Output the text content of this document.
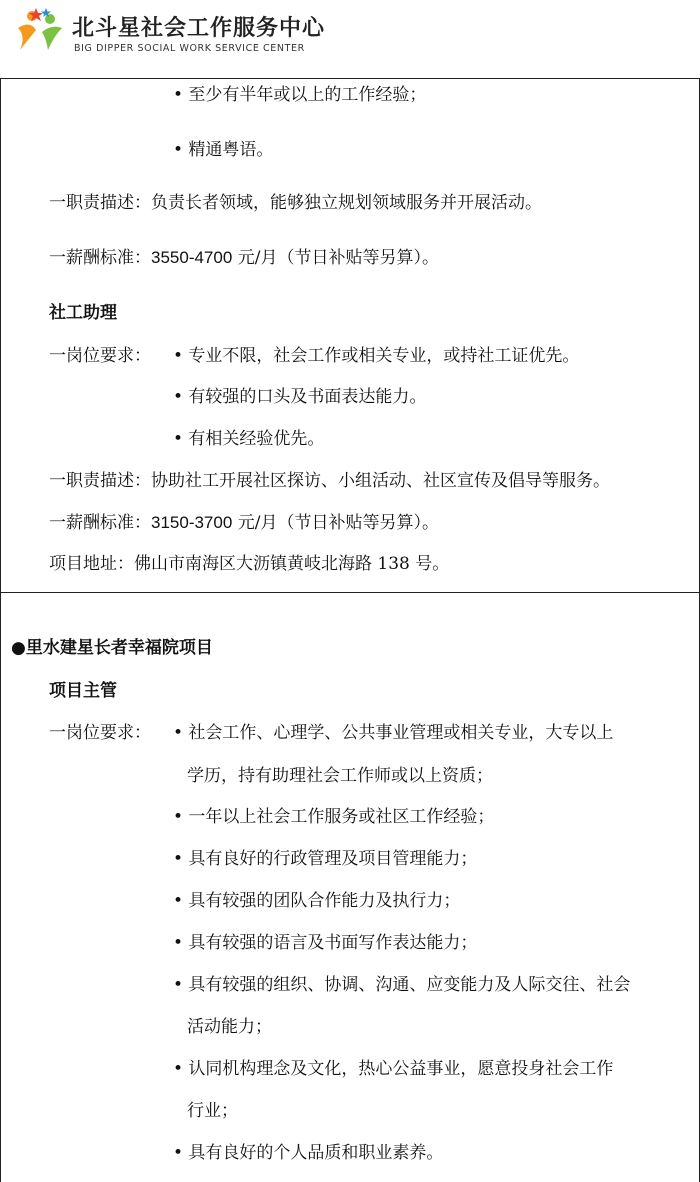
北斗星社会工作服务中心
BIG DIPPER SOCIAL WORK SERVICE CENTER
• 至少有半年或以上的工作经验；
• 精通粤语。
一职责描述：负责长者领域，能够独立规划领域服务并开展活动。
一薪酬标准：3550-4700 元/月（节日补贴等另算）。
社工助理
一岗位要求： • 专业不限，社会工作或相关专业，或持社工证优先。
• 有较强的口头及书面表达能力。
• 有相关经验优先。
一职责描述：协助社工开展社区探访、小组活动、社区宣传及倡导等服务。
一薪酬标准：3150-3700 元/月（节日补贴等另算）。
项目地址：佛山市南海区大沥镇黄岐北海路 138 号。
●里水建星长者幸福院项目
项目主管
一岗位要求： • 社会工作、心理学、公共事业管理或相关专业，大专以上
学历，持有助理社会工作师或以上资质；
• 一年以上社会工作服务或社区工作经验；
• 具有良好的行政管理及项目管理能力；
• 具有较强的团队合作能力及执行力；
• 具有较强的语言及书面写作表达能力；
• 具有较强的组织、协调、沟通、应变能力及人际交往、社会
活动能力；
• 认同机构理念及文化，热心公益事业，愿意投身社会工作
行业；
• 具有良好的个人品质和职业素养。
